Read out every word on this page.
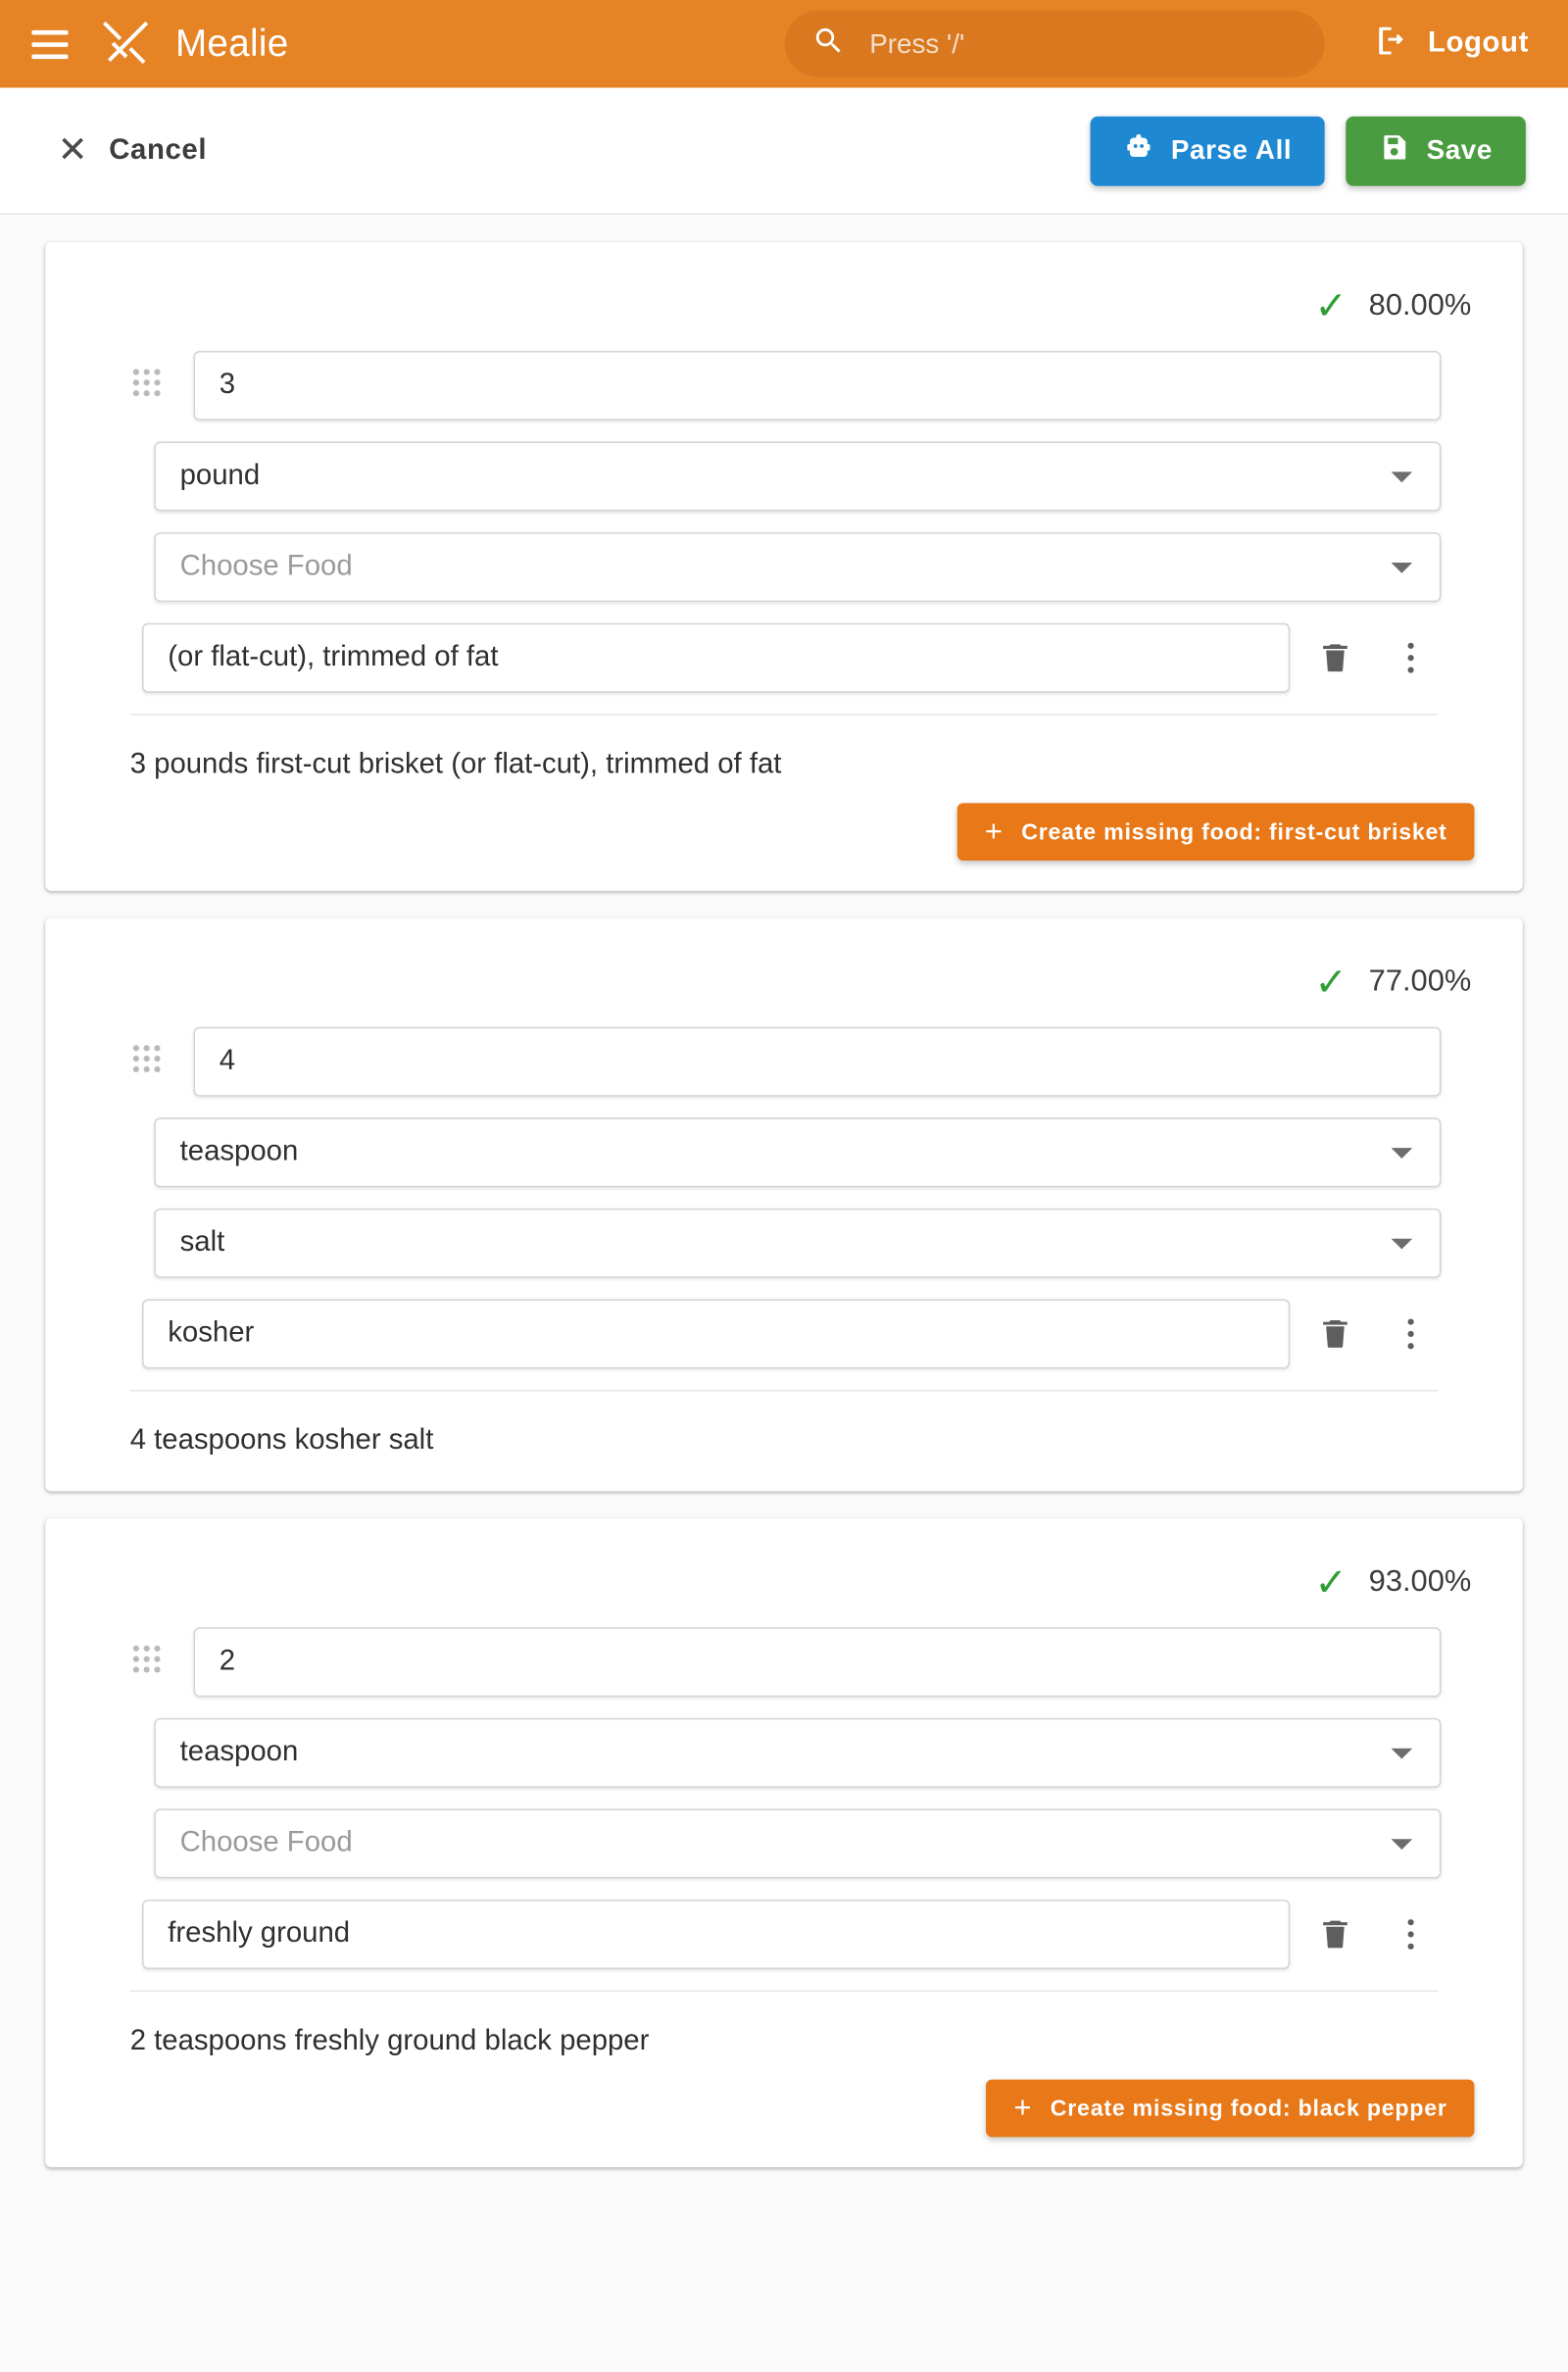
Mealie
Press '/'	Logout
✕ Cancel	Parse All	Save
✓ 80.00%
3
pound
Choose Food
(or flat-cut), trimmed of fat
3 pounds first-cut brisket (or flat-cut), trimmed of fat
+ Create missing food: first-cut brisket
✓ 77.00%
4
teaspoon
salt
kosher
4 teaspoons kosher salt
✓ 93.00%
2
teaspoon
Choose Food
freshly ground
2 teaspoons freshly ground black pepper
+ Create missing food: black pepper
